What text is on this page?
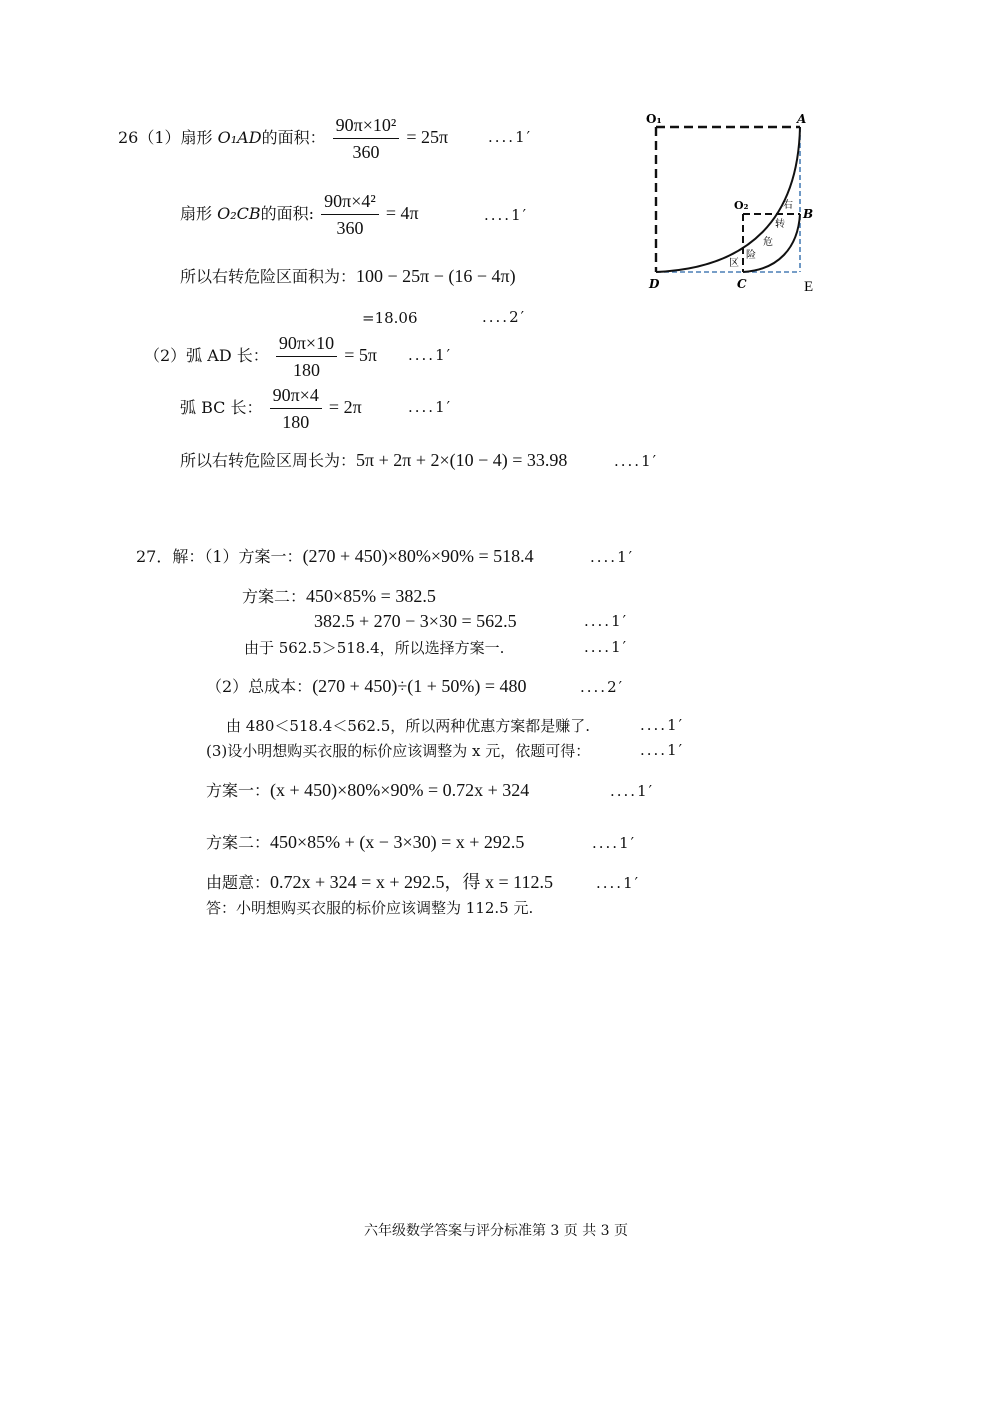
26（1）扇形 O₁AD的面积： $\frac{\text{90π×10²}}{360} = 25\pi$	....1′
扇形 O₂CB的面积: $\frac{\text{90π×4²}}{360} = 4\pi$	....1′
所以右转危险区面积为：100 − 25π − (16 − 4π)
=18.06	....2′
（2）弧 AD 长： $\frac{90\pi\times 10}{180} = 5\pi$ ....1′
弧 BC 长： $\frac{90\pi\times 4}{180} = 2\pi$	....1′
所以右转危险区周长为：5π + 2π + 2×(10 − 4) = 33.98	....1′
O₁	A
O₂
B
D	C	E
右
转
危
险
区
27．解：（1）方案一：(270 + 450)×80%×90% = 518.4	....1′
方案二：450×85% = 382.5
382.5 + 270 − 3×30 = 562.5	....1′
由于 562.5＞518.4，所以选择方案一.	....1′
（2）总成本：(270 + 450)÷(1 + 50%) = 480	....2′
由 480＜518.4＜562.5，所以两种优惠方案都是赚了.	....1′
(3)设小明想购买衣服的标价应该调整为 x 元，依题可得：	....1′
方案一：(x + 450)×80%×90% = 0.72x + 324	....1′
方案二：450×85% + (x − 3×30) = x + 292.5	....1′
由题意：0.72x + 324 = x + 292.5，得 x = 112.5	....1′
答：小明想购买衣服的标价应该调整为 112.5 元.
六年级数学答案与评分标准第 3 页 共 3 页
